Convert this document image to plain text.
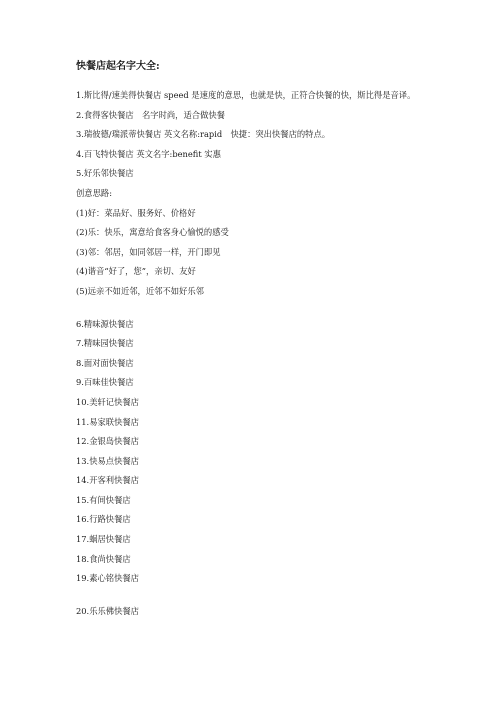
快餐店起名字大全:
1.斯比得/速美得快餐店 speed 是速度的意思，也就是快，正符合快餐的快，斯比得是音译。
2.食得客快餐店　名字时尚，适合做快餐
3.瑞彼德/瑞派蒂快餐店 英文名称:rapid　快捷：突出快餐店的特点。
4.百飞特快餐店 英文名字:benefit 实惠
5.好乐邻快餐店
创意思路:
(1)好：菜品好、服务好、价格好
(2)乐：快乐，寓意给食客身心愉悦的感受
(3)邻：邻居，如同邻居一样，开门即见
(4)谐音“好了，您”，亲切、友好
(5)远亲不如近邻，近邻不如好乐邻
6.精味源快餐店
7.精味园快餐店
8.面对面快餐店
9.百味佳快餐店
10.美轩记快餐店
11.易家联快餐店
12.金银岛快餐店
13.快易点快餐店
14.开客利快餐店
15.有间快餐店
16.行路快餐店
17.蜗居快餐店
18.食尚快餐店
19.素心铭快餐店
20.乐乐佛快餐店
